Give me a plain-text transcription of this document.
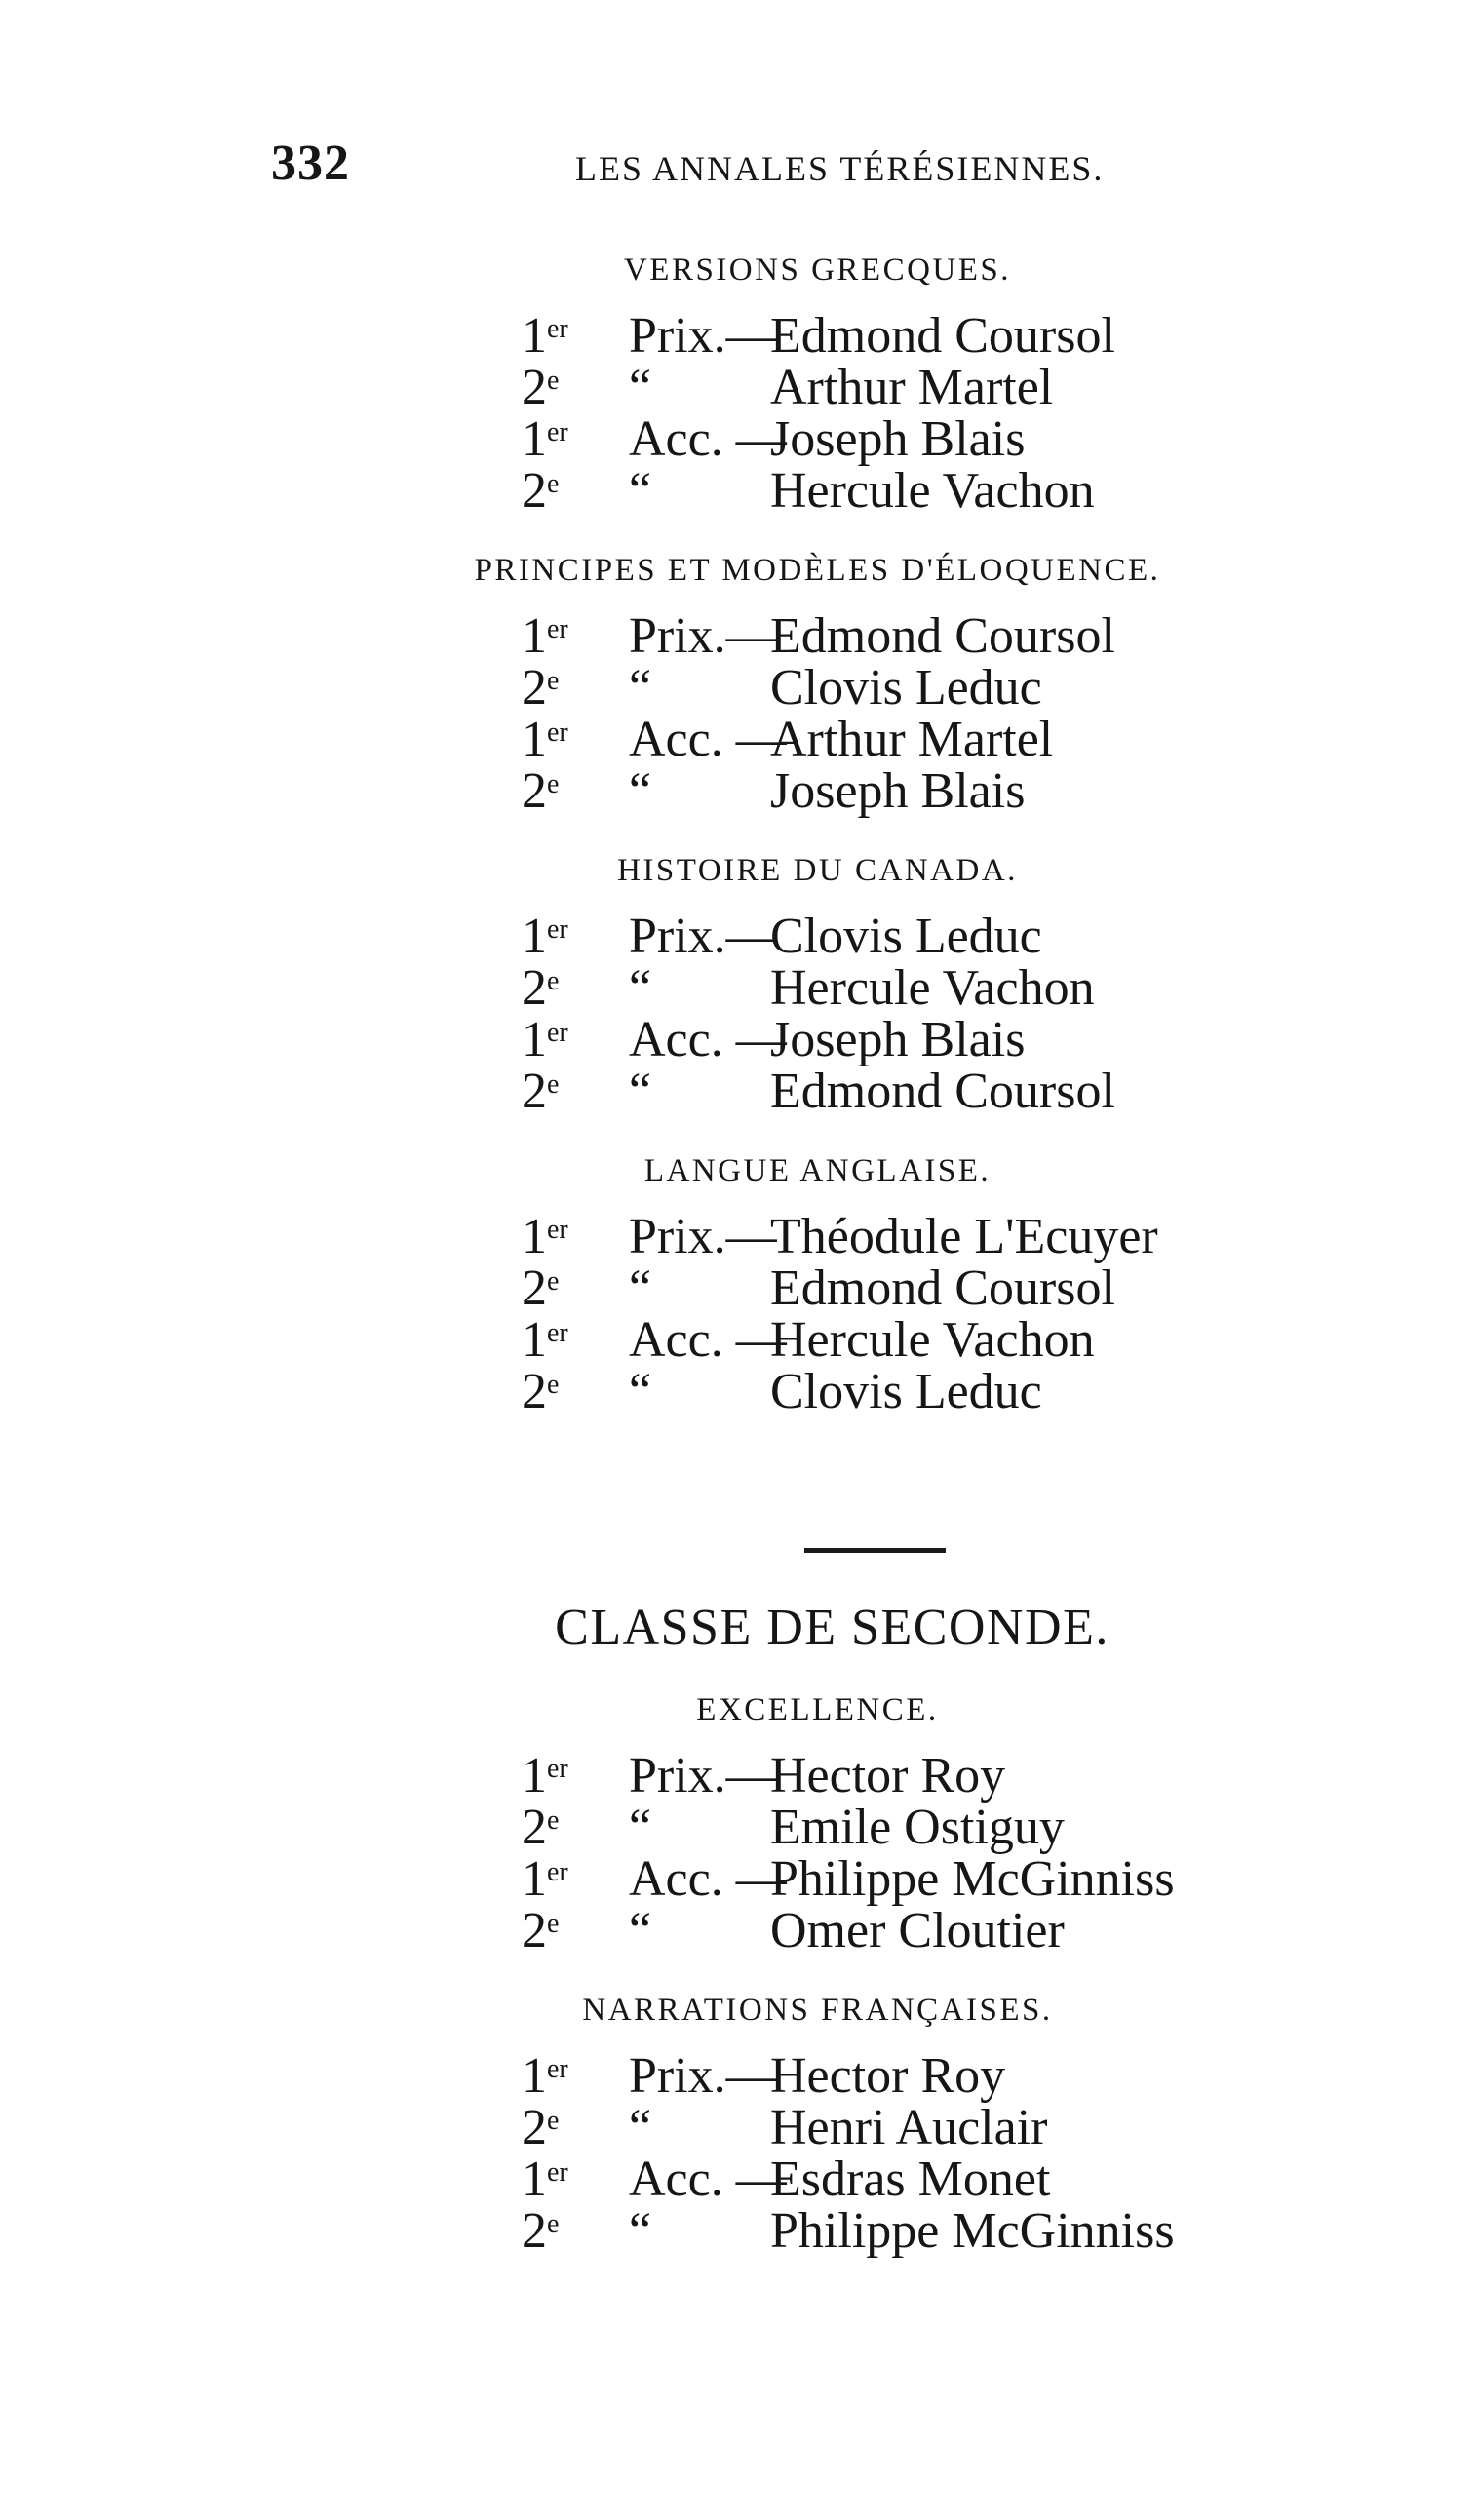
332	LES ANNALES TÉRÉSIENNES.
VERSIONS GRECQUES.
1er Prix.—
Edmond Coursol
2e “ Arthur Martel
1er Acc. —
Joseph Blais
2e “ Hercule Vachon
PRINCIPES ET MODÈLES D'ÉLOQUENCE.
1er Prix.—
Edmond Coursol
2e “ Clovis Leduc
1er Acc. —
Arthur Martel
2e “ Joseph Blais
HISTOIRE DU CANADA.
1er Prix.—
Clovis Leduc
2e “ Hercule Vachon
1er Acc. —
Joseph Blais
2e “ Edmond Coursol
LANGUE ANGLAISE.
1er Prix.—
Théodule L'Ecuyer
2e “ Edmond Coursol
1er Acc. —
Hercule Vachon
2e “ Clovis Leduc
CLASSE DE SECONDE.
EXCELLENCE.
1er Prix.—
Hector Roy
2e “ Emile Ostiguy
1er Acc. —
Philippe McGinniss
2e “ Omer Cloutier
NARRATIONS FRANÇAISES.
1er Prix.—
Hector Roy
2e “ Henri Auclair
1er Acc. —
Esdras Monet
2e “ Philippe McGinniss
